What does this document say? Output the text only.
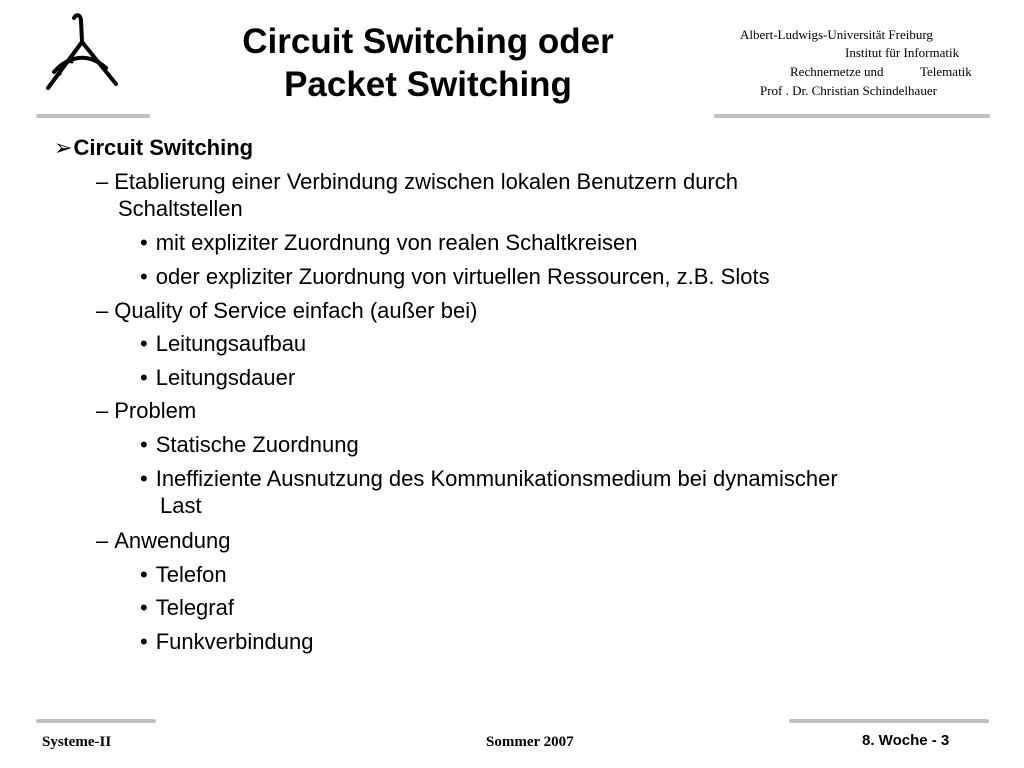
Circuit Switching oder
Packet Switching
Albert-Ludwigs-Universität Freiburg
Institut für Informatik
Rechnernetze und	Telematik
Prof . Dr. Christian Schindelhauer
➢Circuit Switching
– Etablierung einer Verbindung zwischen lokalen Benutzern durch
Schaltstellen
• mit expliziter Zuordnung von realen Schaltkreisen
• oder expliziter Zuordnung von virtuellen Ressourcen, z.B. Slots
– Quality of Service einfach (außer bei)
• Leitungsaufbau
• Leitungsdauer
– Problem
• Statische Zuordnung
• Ineffiziente Ausnutzung des Kommunikationsmedium bei dynamischer
Last
– Anwendung
• Telefon
• Telegraf
• Funkverbindung
Systeme-II	Sommer 2007	8. Woche - 3
